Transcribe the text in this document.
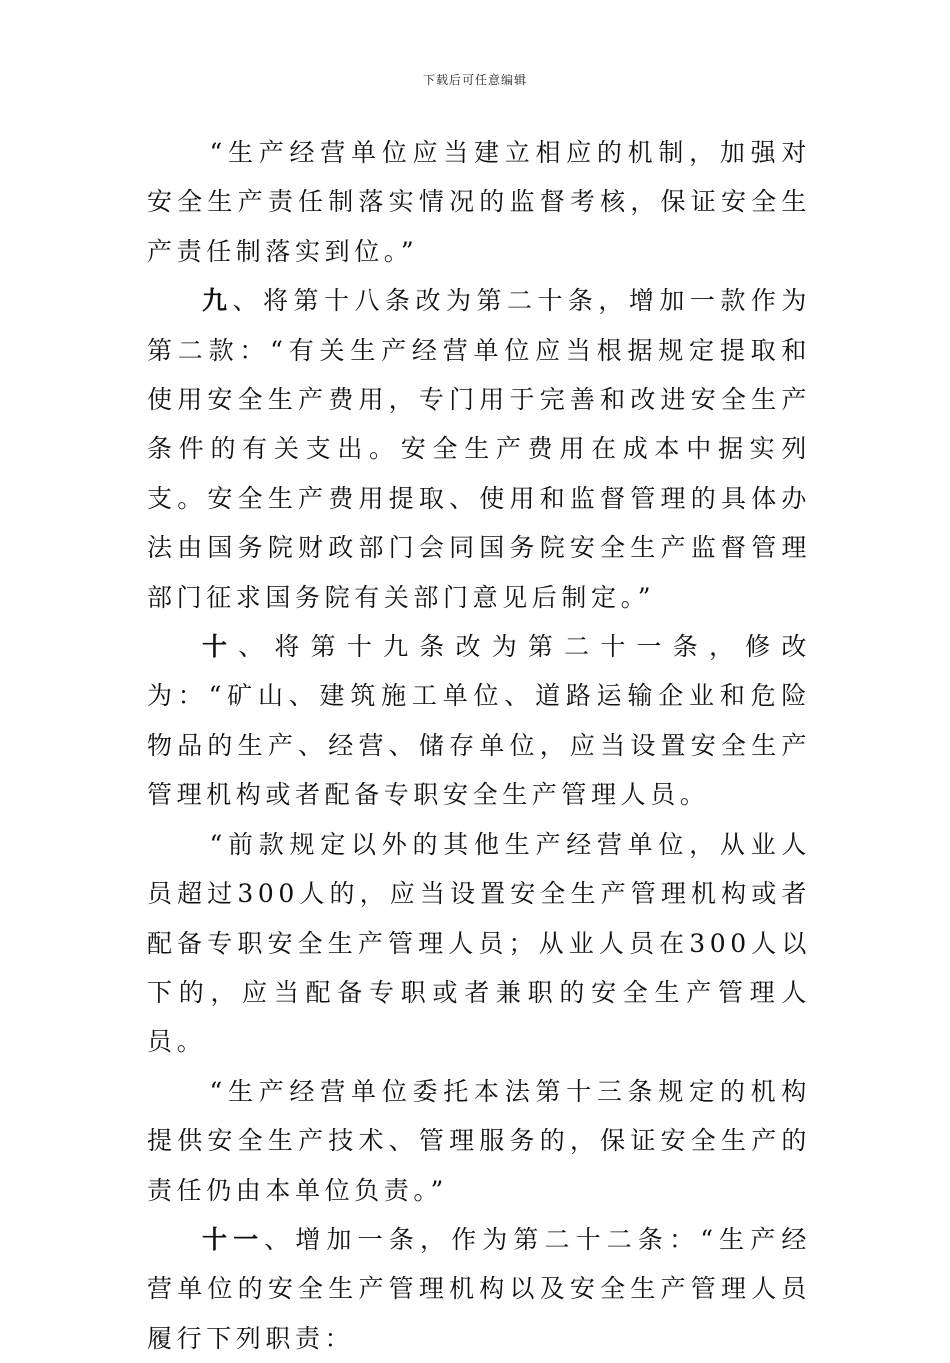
下载后可任意编辑

“生产经营单位应当建立相应的机制，加强对安全生产责任制落实情况的监督考核，保证安全生产责任制落实到位。”

九、将第十八条改为第二十条，增加一款作为第二款：“有关生产经营单位应当根据规定提取和使用安全生产费用，专门用于完善和改进安全生产条件的有关支出。安全生产费用在成本中据实列支。安全生产费用提取、使用和监督管理的具体办法由国务院财政部门会同国务院安全生产监督管理部门征求国务院有关部门意见后制定。”

十、将第十九条改为第二十一条，修改为：“矿山、建筑施工单位、道路运输企业和危险物品的生产、经营、储存单位，应当设置安全生产管理机构或者配备专职安全生产管理人员。

“前款规定以外的其他生产经营单位，从业人员超过300人的，应当设置安全生产管理机构或者配备专职安全生产管理人员；从业人员在300人以下的，应当配备专职或者兼职的安全生产管理人员。

“生产经营单位委托本法第十三条规定的机构提供安全生产技术、管理服务的，保证安全生产的责任仍由本单位负责。”

十一、增加一条，作为第二十二条：“生产经营单位的安全生产管理机构以及安全生产管理人员履行下列职责：
